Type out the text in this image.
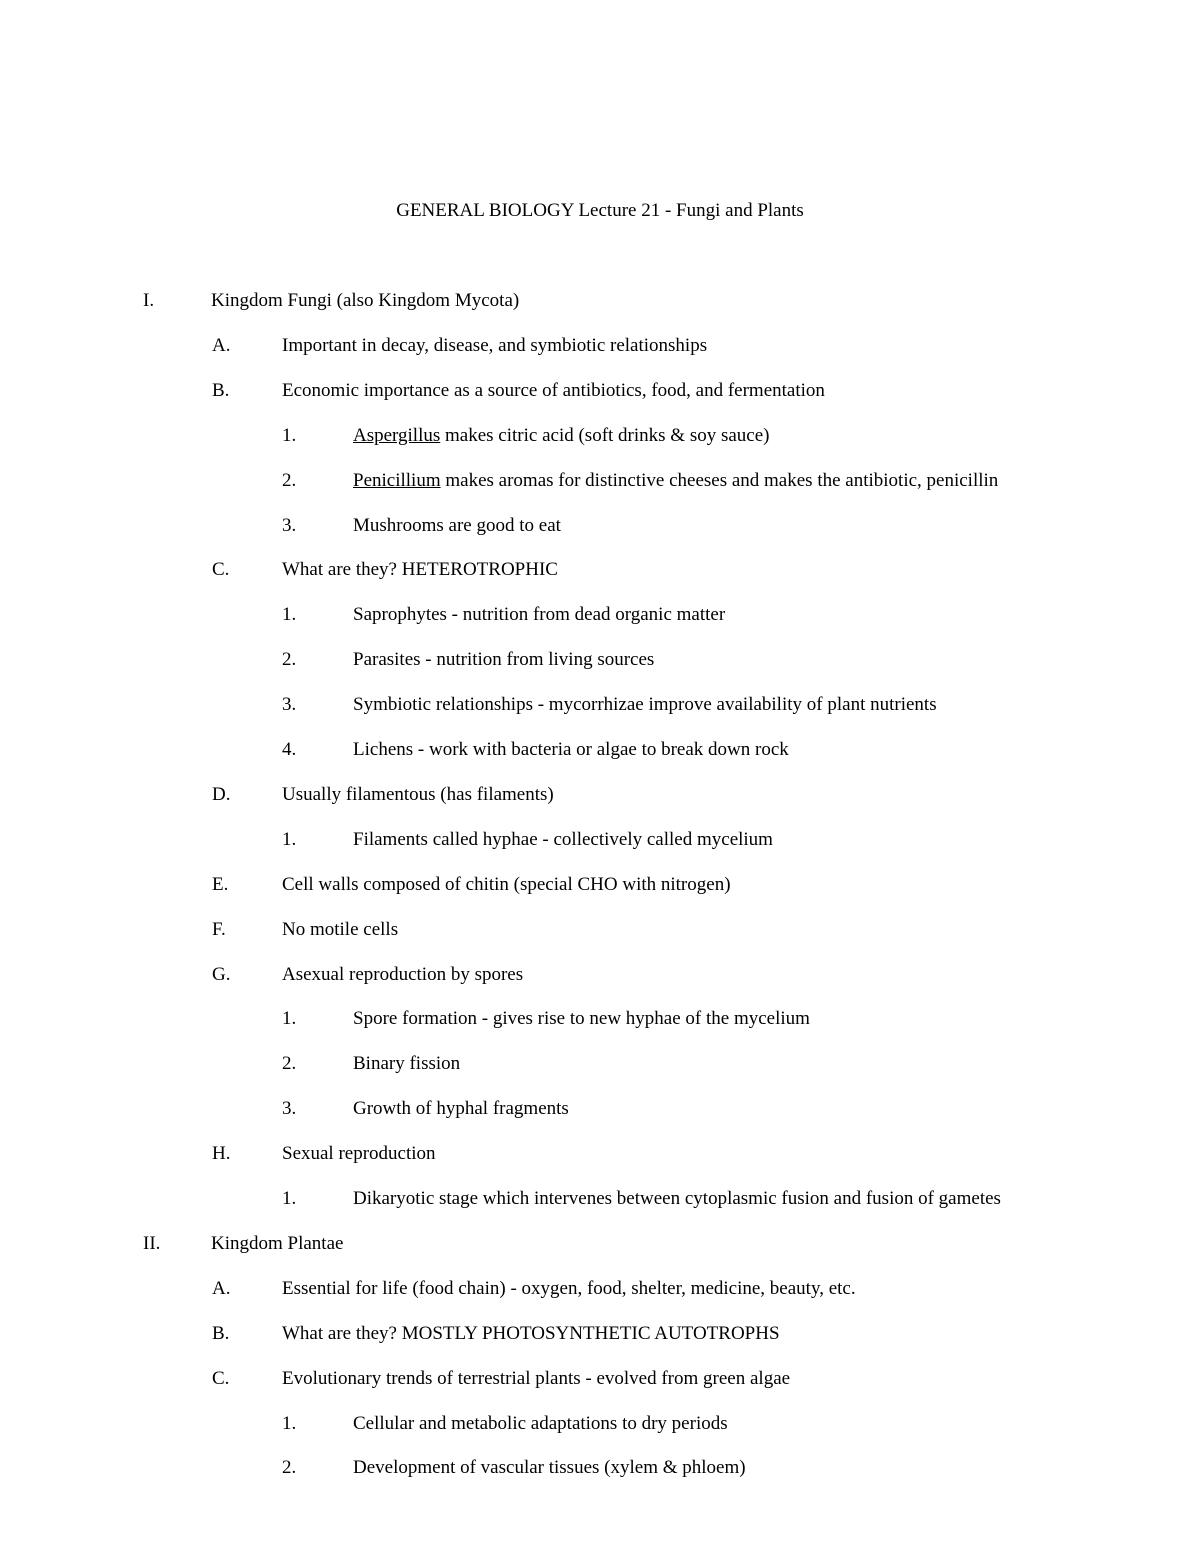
GENERAL BIOLOGY Lecture 21 - Fungi and Plants
I.	Kingdom Fungi (also Kingdom Mycota)
A.	Important in decay, disease, and symbiotic relationships
B.	Economic importance as a source of antibiotics, food, and fermentation
1.	Aspergillus makes citric acid (soft drinks & soy sauce)
2.	Penicillium makes aromas for distinctive cheeses and makes the antibiotic, penicillin
3.	Mushrooms are good to eat
C.	What are they? HETEROTROPHIC
1.	Saprophytes - nutrition from dead organic matter
2.	Parasites - nutrition from living sources
3.	Symbiotic relationships - mycorrhizae improve availability of plant nutrients
4.	Lichens - work with bacteria or algae to break down rock
D.	Usually filamentous (has filaments)
1.	Filaments called hyphae - collectively called mycelium
E.	Cell walls composed of chitin (special CHO with nitrogen)
F.	No motile cells
G.	Asexual reproduction by spores
1.	Spore formation - gives rise to new hyphae of the mycelium
2.	Binary fission
3.	Growth of hyphal fragments
H.	Sexual reproduction
1.	Dikaryotic stage which intervenes between cytoplasmic fusion and fusion of gametes
II.	Kingdom Plantae
A.	Essential for life (food chain) - oxygen, food, shelter, medicine, beauty, etc.
B.	What are they? MOSTLY PHOTOSYNTHETIC AUTOTROPHS
C.	Evolutionary trends of terrestrial plants - evolved from green algae
1.	Cellular and metabolic adaptations to dry periods
2.	Development of vascular tissues (xylem & phloem)
